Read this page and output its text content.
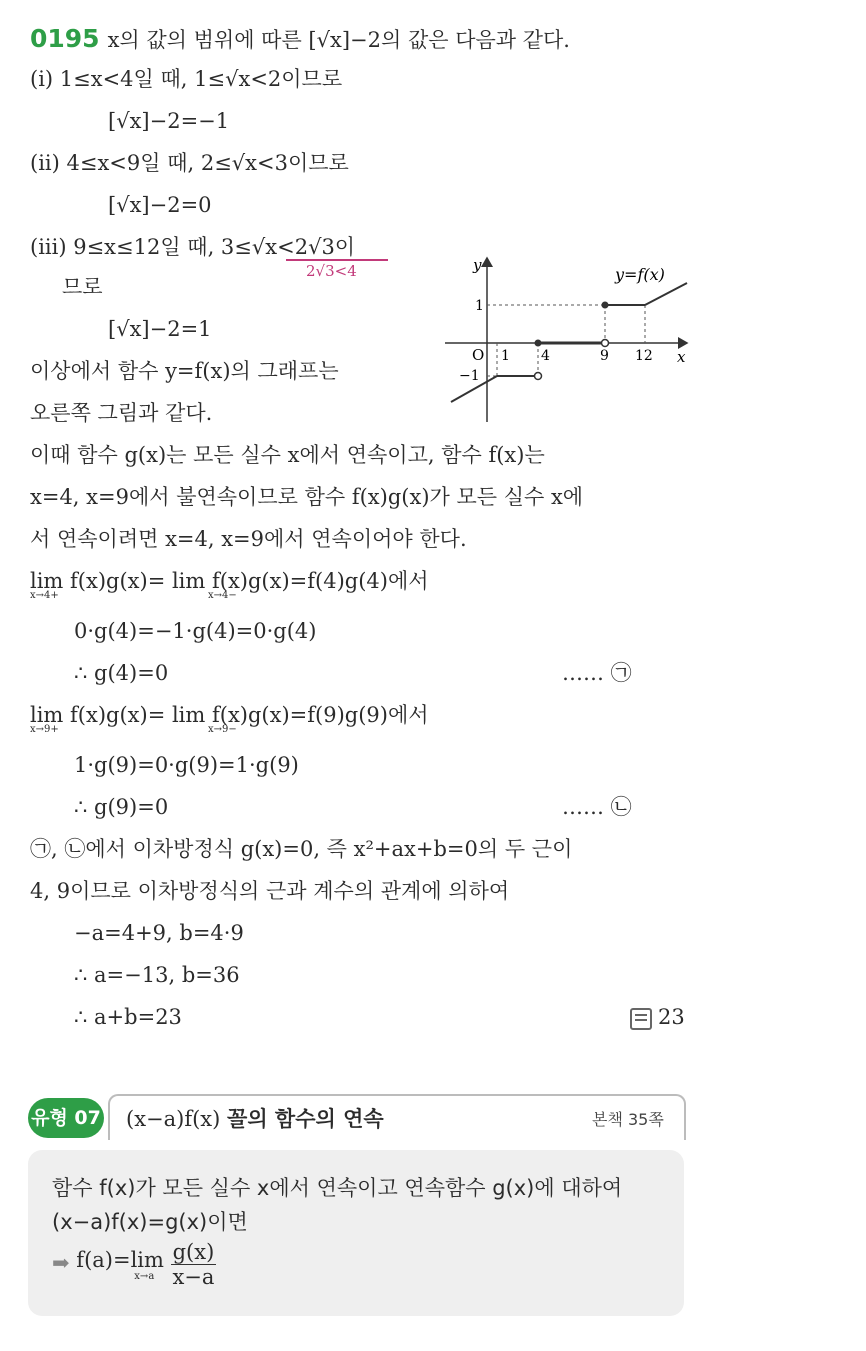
0195 x의 값의 범위에 따른 [√x]−2의 값은 다음과 같다.
(i) 1≤x<4일 때, 1≤√x<2이므로
[√x]−2=−1
(ii) 4≤x<9일 때, 2≤√x<3이므로
[√x]−2=0
(iii) 9≤x≤12일 때, 3≤√x<2√3이
2√3<4
므로
[√x]−2=1
이상에서 함수 y=f(x)의 그래프는
오른쪽 그림과 같다.
y
x
y=f(x)
O 1 4	9 12
1
−1
이때 함수 g(x)는 모든 실수 x에서 연속이고, 함수 f(x)는
x=4, x=9에서 불연속이므로 함수 f(x)g(x)가 모든 실수 x에
서 연속이려면 x=4, x=9에서 연속이어야 한다.
lim f(x)g(x)= lim f(x)g(x)=f(4)g(4)에서
x→4+	x→4−
0·g(4)=−1·g(4)=0·g(4)
∴ g(4)=0	…… ㉠
lim f(x)g(x)= lim f(x)g(x)=f(9)g(9)에서
x→9+	x→9−
1·g(9)=0·g(9)=1·g(9)
∴ g(9)=0	…… ㉡
㉠, ㉡에서 이차방정식 g(x)=0, 즉 x²+ax+b=0의 두 근이
4, 9이므로 이차방정식의 근과 계수의 관계에 의하여
−a=4+9, b=4·9
∴ a=−13, b=36
∴ a+b=23	23
유형 07 (x−a)f(x) 꼴의 함수의 연속	본책 35쪽
함수 f(x)가 모든 실수 x에서 연속이고 연속함수 g(x)에 대하여
(x−a)f(x)=g(x)이면
➡ f(a)=lim
x→a
$\frac{g(x)}{x-a}$
